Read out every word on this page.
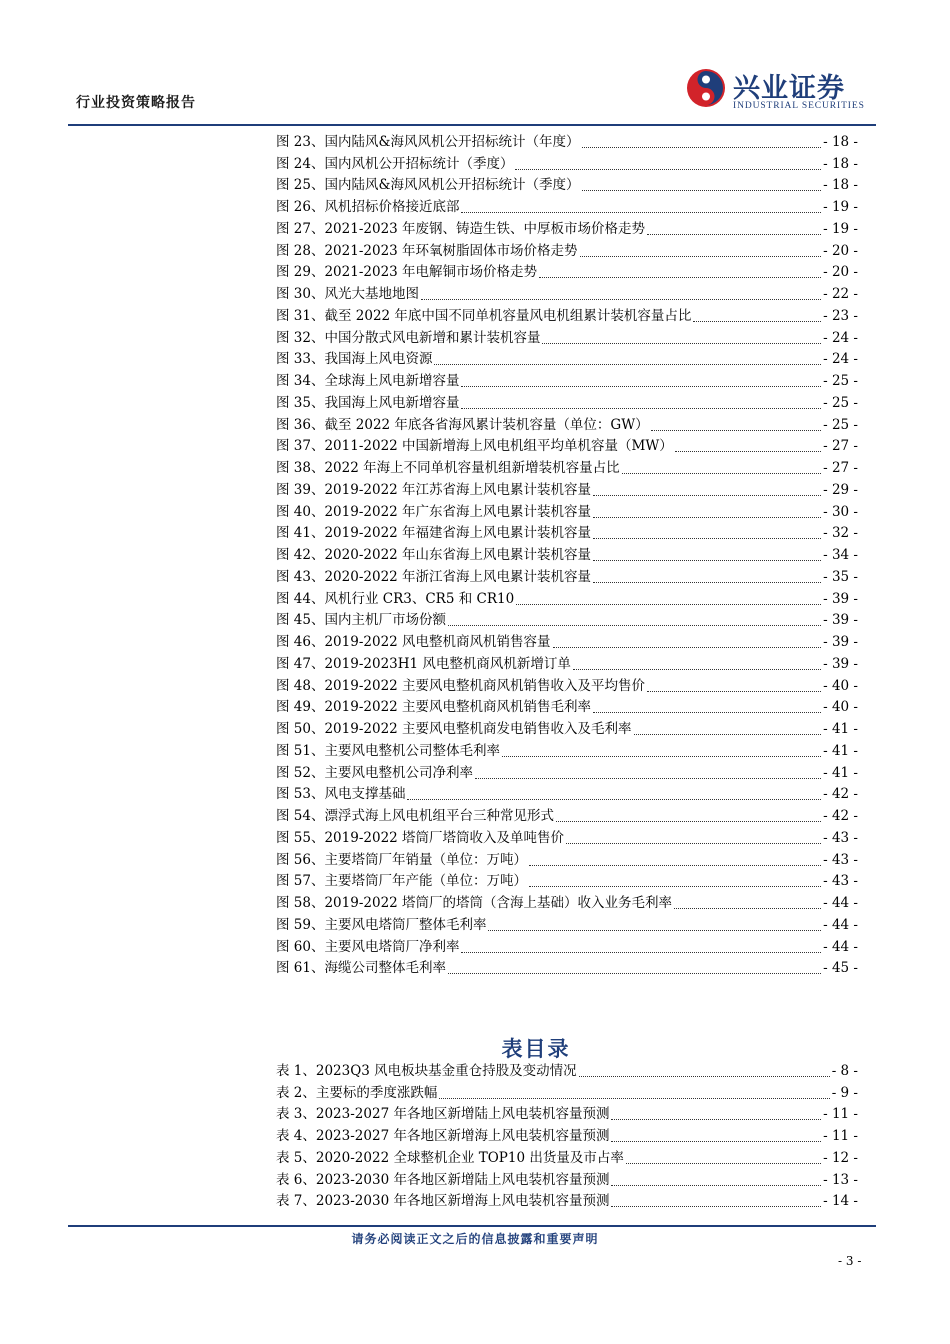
行业投资策略报告	兴业证券
INDUSTRIAL SECURITIES
图 23、国内陆风&海风风机公开招标统计（年度）	- 18 -
图 24、国内风机公开招标统计（季度）	- 18 -
图 25、国内陆风&海风风机公开招标统计（季度）	- 18 -
图 26、风机招标价格接近底部	- 19 -
图 27、2021-2023 年废钢、铸造生铁、中厚板市场价格走势	- 19 -
图 28、2021-2023 年环氧树脂固体市场价格走势	- 20 -
图 29、2021-2023 年电解铜市场价格走势	- 20 -
图 30、风光大基地地图	- 22 -
图 31、截至 2022 年底中国不同单机容量风电机组累计装机容量占比	- 23 -
图 32、中国分散式风电新增和累计装机容量	- 24 -
图 33、我国海上风电资源	- 24 -
图 34、全球海上风电新增容量	- 25 -
图 35、我国海上风电新增容量	- 25 -
图 36、截至 2022 年底各省海风累计装机容量（单位：GW）	- 25 -
图 37、2011-2022 中国新增海上风电机组平均单机容量（MW）	- 27 -
图 38、2022 年海上不同单机容量机组新增装机容量占比	- 27 -
图 39、2019-2022 年江苏省海上风电累计装机容量	- 29 -
图 40、2019-2022 年广东省海上风电累计装机容量	- 30 -
图 41、2019-2022 年福建省海上风电累计装机容量	- 32 -
图 42、2020-2022 年山东省海上风电累计装机容量	- 34 -
图 43、2020-2022 年浙江省海上风电累计装机容量	- 35 -
图 44、风机行业 CR3、CR5 和 CR10	- 39 -
图 45、国内主机厂市场份额	- 39 -
图 46、2019-2022 风电整机商风机销售容量	- 39 -
图 47、2019-2023H1 风电整机商风机新增订单	- 39 -
图 48、2019-2022 主要风电整机商风机销售收入及平均售价	- 40 -
图 49、2019-2022 主要风电整机商风机销售毛利率	- 40 -
图 50、2019-2022 主要风电整机商发电销售收入及毛利率	- 41 -
图 51、主要风电整机公司整体毛利率	- 41 -
图 52、主要风电整机公司净利率	- 41 -
图 53、风电支撑基础	- 42 -
图 54、漂浮式海上风电机组平台三种常见形式	- 42 -
图 55、2019-2022 塔筒厂塔筒收入及单吨售价	- 43 -
图 56、主要塔筒厂年销量（单位：万吨）	- 43 -
图 57、主要塔筒厂年产能（单位：万吨）	- 43 -
图 58、2019-2022 塔筒厂的塔筒（含海上基础）收入业务毛利率	- 44 -
图 59、主要风电塔筒厂整体毛利率	- 44 -
图 60、主要风电塔筒厂净利率	- 44 -
图 61、海缆公司整体毛利率	- 45 -
表目录
表 1、2023Q3 风电板块基金重仓持股及变动情况	- 8 -
表 2、主要标的季度涨跌幅	- 9 -
表 3、2023-2027 年各地区新增陆上风电装机容量预测	- 11 -
表 4、2023-2027 年各地区新增海上风电装机容量预测	- 11 -
表 5、2020-2022 全球整机企业 TOP10 出货量及市占率	- 12 -
表 6、2023-2030 年各地区新增陆上风电装机容量预测	- 13 -
表 7、2023-2030 年各地区新增海上风电装机容量预测	- 14 -
请务必阅读正文之后的信息披露和重要声明
- 3 -
